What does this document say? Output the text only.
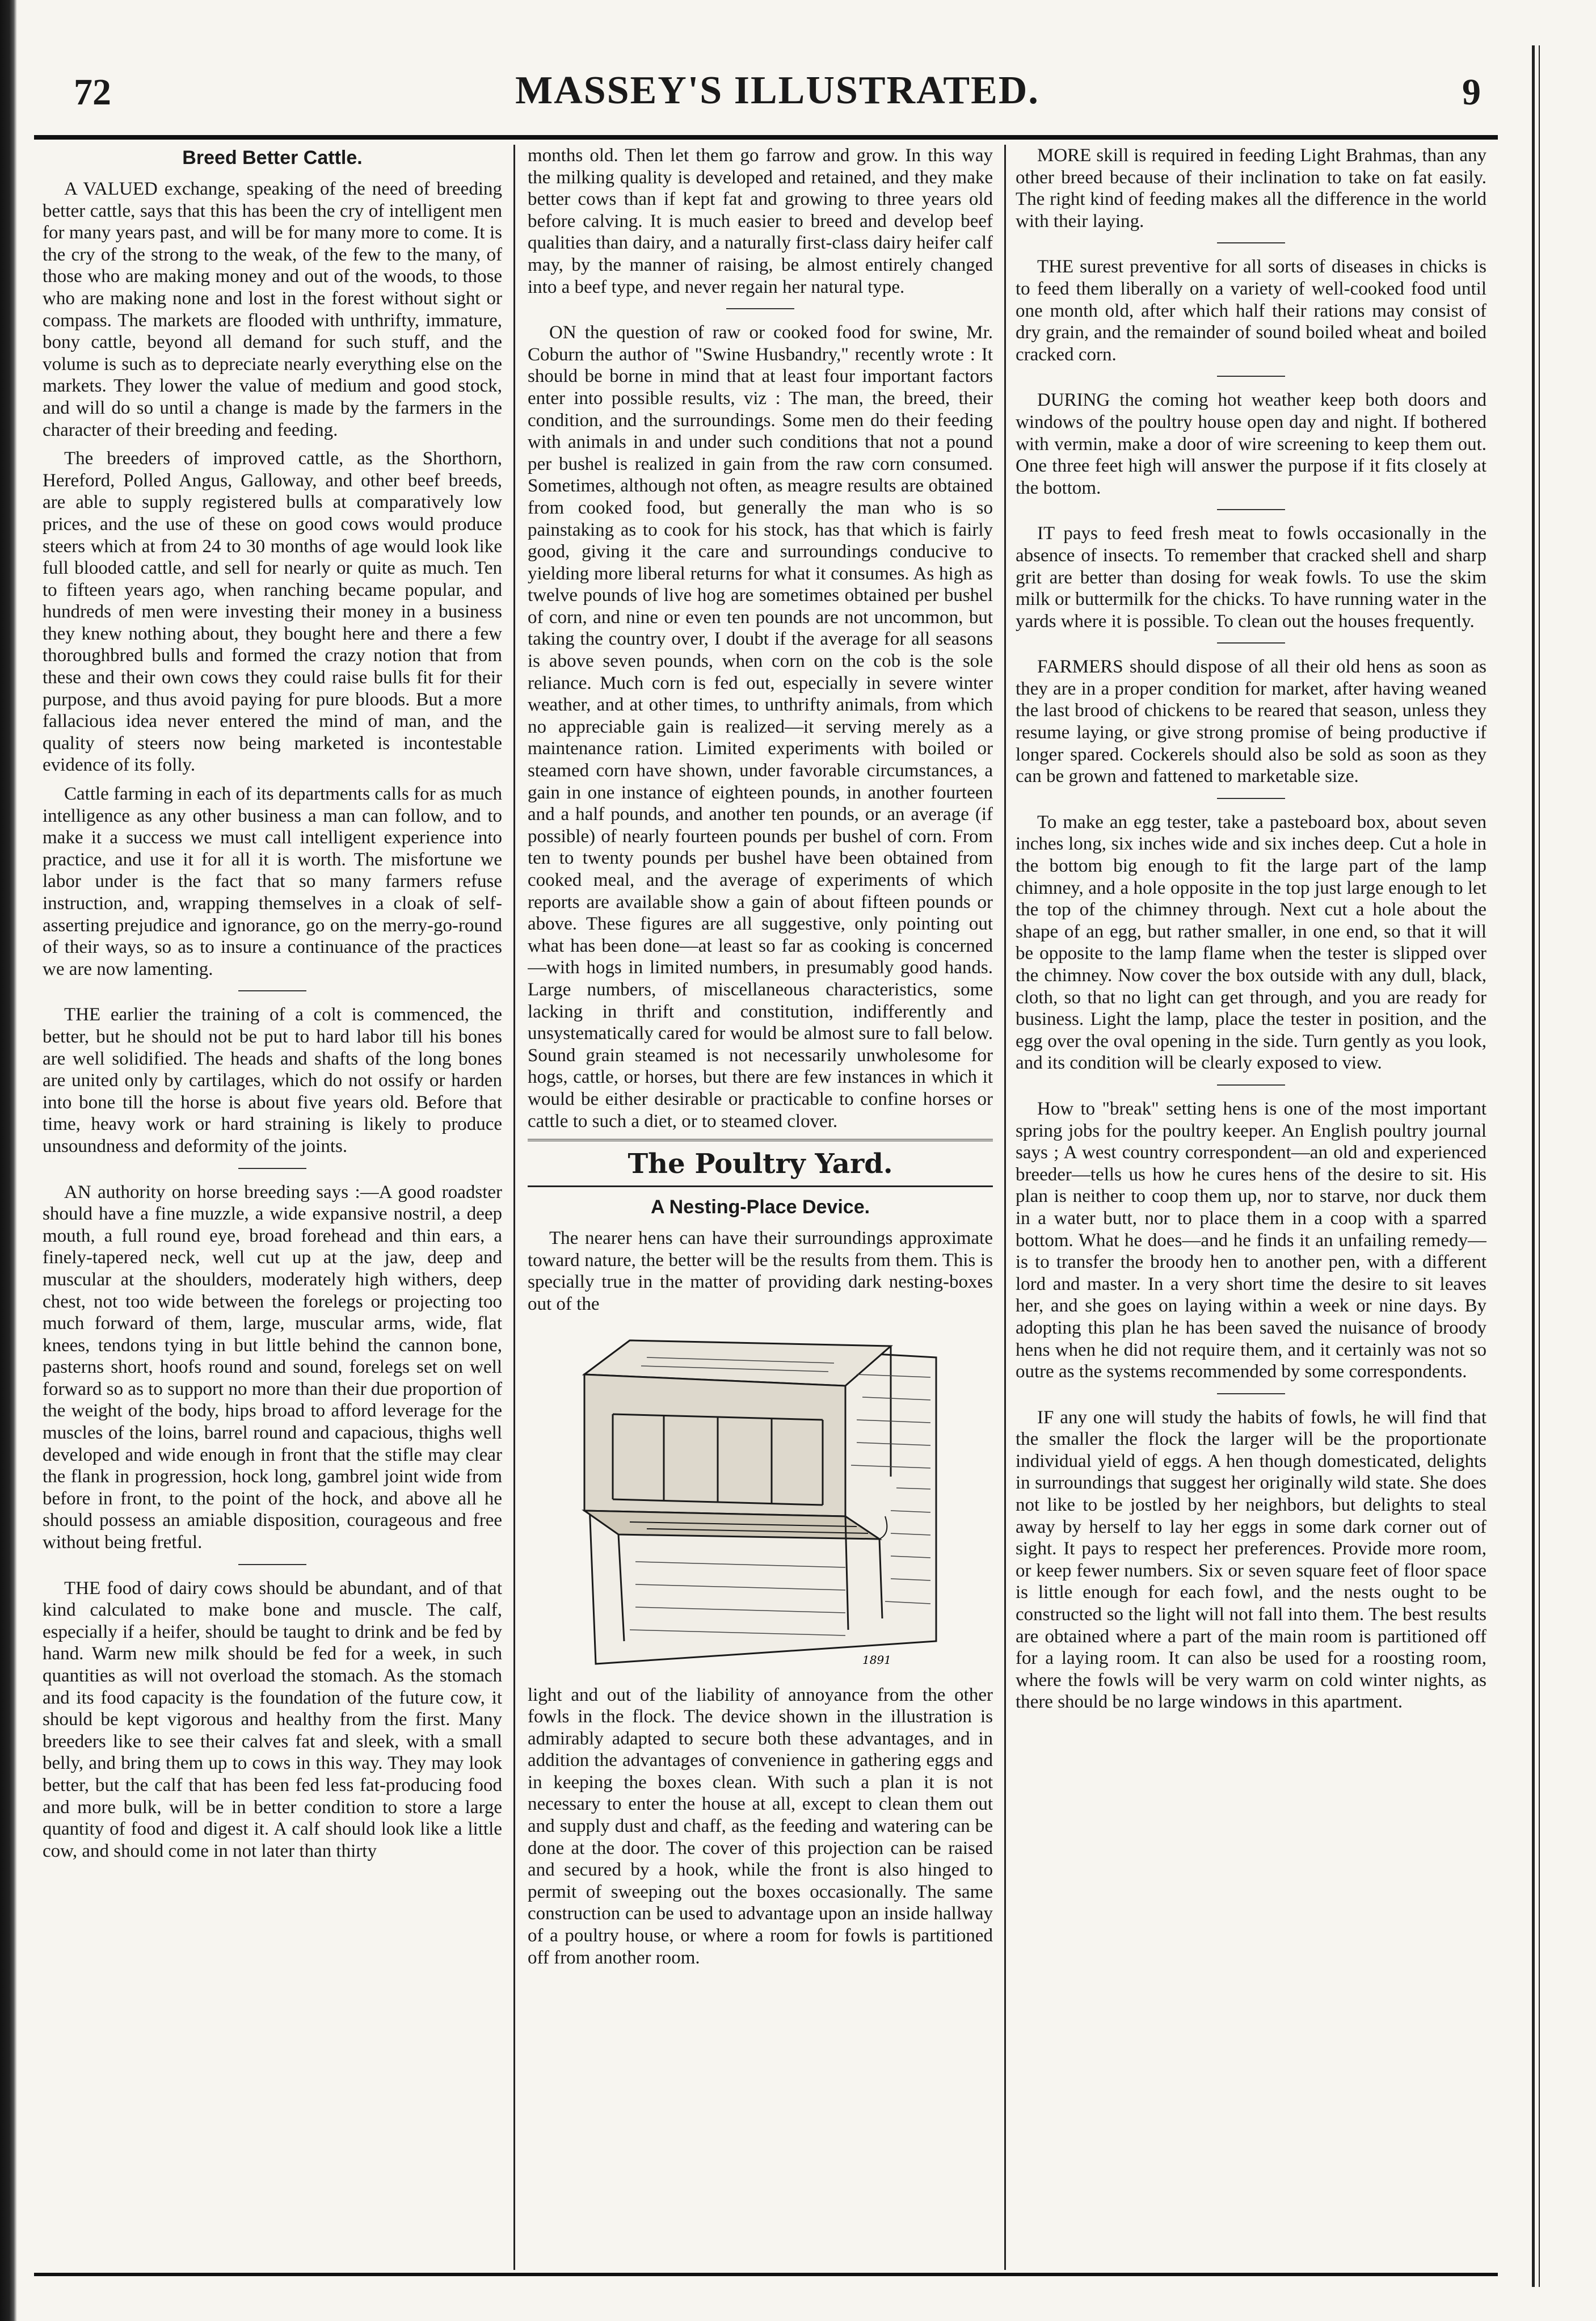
72	MASSEY'S ILLUSTRATED.	9
Breed Better Cattle.

A VALUED exchange, speaking of the need of breeding better cattle, says that this has been the cry of intelligent men for many years past, and will be for many more to come. It is the cry of the strong to the weak, of the few to the many, of those who are making money and out of the woods, to those who are making none and lost in the forest without sight or compass. The markets are flooded with unthrifty, immature, bony cattle, beyond all demand for such stuff, and the volume is such as to depreciate nearly everything else on the markets. They lower the value of medium and good stock, and will do so until a change is made by the farmers in the character of their breeding and feeding.

The breeders of improved cattle, as the Shorthorn, Hereford, Polled Angus, Galloway, and other beef breeds, are able to supply registered bulls at comparatively low prices, and the use of these on good cows would produce steers which at from 24 to 30 months of age would look like full blooded cattle, and sell for nearly or quite as much. Ten to fifteen years ago, when ranching became popular, and hundreds of men were investing their money in a business they knew nothing about, they bought here and there a few thoroughbred bulls and formed the crazy notion that from these and their own cows they could raise bulls fit for their purpose, and thus avoid paying for pure bloods. But a more fallacious idea never entered the mind of man, and the quality of steers now being marketed is incontestable evidence of its folly.

Cattle farming in each of its departments calls for as much intelligence as any other business a man can follow, and to make it a success we must call intelligent experience into practice, and use it for all it is worth. The misfortune we labor under is the fact that so many farmers refuse instruction, and, wrapping themselves in a cloak of self-asserting prejudice and ignorance, go on the merry-go-round of their ways, so as to insure a continuance of the practices we are now lamenting.

THE earlier the training of a colt is commenced, the better, but he should not be put to hard labor till his bones are well solidified. The heads and shafts of the long bones are united only by cartilages, which do not ossify or harden into bone till the horse is about five years old. Before that time, heavy work or hard straining is likely to produce unsoundness and deformity of the joints.

AN authority on horse breeding says :—A good roadster should have a fine muzzle, a wide expansive nostril, a deep mouth, a full round eye, broad forehead and thin ears, a finely-tapered neck, well cut up at the jaw, deep and muscular at the shoulders, moderately high withers, deep chest, not too wide between the forelegs or projecting too much forward of them, large, muscular arms, wide, flat knees, tendons tying in but little behind the cannon bone, pasterns short, hoofs round and sound, forelegs set on well forward so as to support no more than their due proportion of the weight of the body, hips broad to afford leverage for the muscles of the loins, barrel round and capacious, thighs well developed and wide enough in front that the stifle may clear the flank in progression, hock long, gambrel joint wide from before in front, to the point of the hock, and above all he should possess an amiable disposition, courageous and free without being fretful.

THE food of dairy cows should be abundant, and of that kind calculated to make bone and muscle. The calf, especially if a heifer, should be taught to drink and be fed by hand. Warm new milk should be fed for a week, in such quantities as will not overload the stomach. As the stomach and its food capacity is the foundation of the future cow, it should be kept vigorous and healthy from the first. Many breeders like to see their calves fat and sleek, with a small belly, and bring them up to cows in this way. They may look better, but the calf that has been fed less fat-producing food and more bulk, will be in better condition to store a large quantity of food and digest it. A calf should look like a little cow, and should come in not later than thirty

months old. Then let them go farrow and grow. In this way the milking quality is developed and retained, and they make better cows than if kept fat and growing to three years old before calving. It is much easier to breed and develop beef qualities than dairy, and a naturally first-class dairy heifer calf may, by the manner of raising, be almost entirely changed into a beef type, and never regain her natural type.

ON the question of raw or cooked food for swine, Mr. Coburn the author of "Swine Husbandry," recently wrote : It should be borne in mind that at least four important factors enter into possible results, viz : The man, the breed, their condition, and the surroundings. Some men do their feeding with animals in and under such conditions that not a pound per bushel is realized in gain from the raw corn consumed. Sometimes, although not often, as meagre results are obtained from cooked food, but generally the man who is so painstaking as to cook for his stock, has that which is fairly good, giving it the care and surroundings conducive to yielding more liberal returns for what it consumes. As high as twelve pounds of live hog are sometimes obtained per bushel of corn, and nine or even ten pounds are not uncommon, but taking the country over, I doubt if the average for all seasons is above seven pounds, when corn on the cob is the sole reliance. Much corn is fed out, especially in severe winter weather, and at other times, to unthrifty animals, from which no appreciable gain is realized—it serving merely as a maintenance ration. Limited experiments with boiled or steamed corn have shown, under favorable circumstances, a gain in one instance of eighteen pounds, in another fourteen and a half pounds, and another ten pounds, or an average (if possible) of nearly fourteen pounds per bushel of corn. From ten to twenty pounds per bushel have been obtained from cooked meal, and the average of experiments of which reports are available show a gain of about fifteen pounds or above. These figures are all suggestive, only pointing out what has been done—at least so far as cooking is concerned—with hogs in limited numbers, in presumably good hands. Large numbers, of miscellaneous characteristics, some lacking in thrift and constitution, indifferently and unsystematically cared for would be almost sure to fall below. Sound grain steamed is not necessarily unwholesome for hogs, cattle, or horses, but there are few instances in which it would be either desirable or practicable to confine horses or cattle to such a diet, or to steamed clover.

The Poultry Yard.
A Nesting-Place Device.

The nearer hens can have their surroundings approximate toward nature, the better will be the results from them. This is specially true in the matter of providing dark nesting-boxes out of the

1891

light and out of the liability of annoyance from the other fowls in the flock. The device shown in the illustration is admirably adapted to secure both these advantages, and in addition the advantages of convenience in gathering eggs and in keeping the boxes clean. With such a plan it is not necessary to enter the house at all, except to clean them out and supply dust and chaff, as the feeding and watering can be done at the door. The cover of this projection can be raised and secured by a hook, while the front is also hinged to permit of sweeping out the boxes occasionally. The same construction can be used to advantage upon an inside hallway of a poultry house, or where a room for fowls is partitioned off from another room.

MORE skill is required in feeding Light Brahmas, than any other breed because of their inclination to take on fat easily. The right kind of feeding makes all the difference in the world with their laying.

THE surest preventive for all sorts of diseases in chicks is to feed them liberally on a variety of well-cooked food until one month old, after which half their rations may consist of dry grain, and the remainder of sound boiled wheat and boiled cracked corn.

DURING the coming hot weather keep both doors and windows of the poultry house open day and night. If bothered with vermin, make a door of wire screening to keep them out. One three feet high will answer the purpose if it fits closely at the bottom.

IT pays to feed fresh meat to fowls occasionally in the absence of insects. To remember that cracked shell and sharp grit are better than dosing for weak fowls. To use the skim milk or buttermilk for the chicks. To have running water in the yards where it is possible. To clean out the houses frequently.

FARMERS should dispose of all their old hens as soon as they are in a proper condition for market, after having weaned the last brood of chickens to be reared that season, unless they resume laying, or give strong promise of being productive if longer spared. Cockerels should also be sold as soon as they can be grown and fattened to marketable size.

To make an egg tester, take a pasteboard box, about seven inches long, six inches wide and six inches deep. Cut a hole in the bottom big enough to fit the large part of the lamp chimney, and a hole opposite in the top just large enough to let the top of the chimney through. Next cut a hole about the shape of an egg, but rather smaller, in one end, so that it will be opposite to the lamp flame when the tester is slipped over the chimney. Now cover the box outside with any dull, black, cloth, so that no light can get through, and you are ready for business. Light the lamp, place the tester in position, and the egg over the oval opening in the side. Turn gently as you look, and its condition will be clearly exposed to view.

How to "break" setting hens is one of the most important spring jobs for the poultry keeper. An English poultry journal says ; A west country correspondent—an old and experienced breeder—tells us how he cures hens of the desire to sit. His plan is neither to coop them up, nor to starve, nor duck them in a water butt, nor to place them in a coop with a sparred bottom. What he does—and he finds it an unfailing remedy—is to transfer the broody hen to another pen, with a different lord and master. In a very short time the desire to sit leaves her, and she goes on laying within a week or nine days. By adopting this plan he has been saved the nuisance of broody hens when he did not require them, and it certainly was not so outre as the systems recommended by some correspondents.

IF any one will study the habits of fowls, he will find that the smaller the flock the larger will be the proportionate individual yield of eggs. A hen though domesticated, delights in surroundings that suggest her originally wild state. She does not like to be jostled by her neighbors, but delights to steal away by herself to lay her eggs in some dark corner out of sight. It pays to respect her preferences. Provide more room, or keep fewer numbers. Six or seven square feet of floor space is little enough for each fowl, and the nests ought to be constructed so the light will not fall into them. The best results are obtained where a part of the main room is partitioned off for a laying room. It can also be used for a roosting room, where the fowls will be very warm on cold winter nights, as there should be no large windows in this apartment.
